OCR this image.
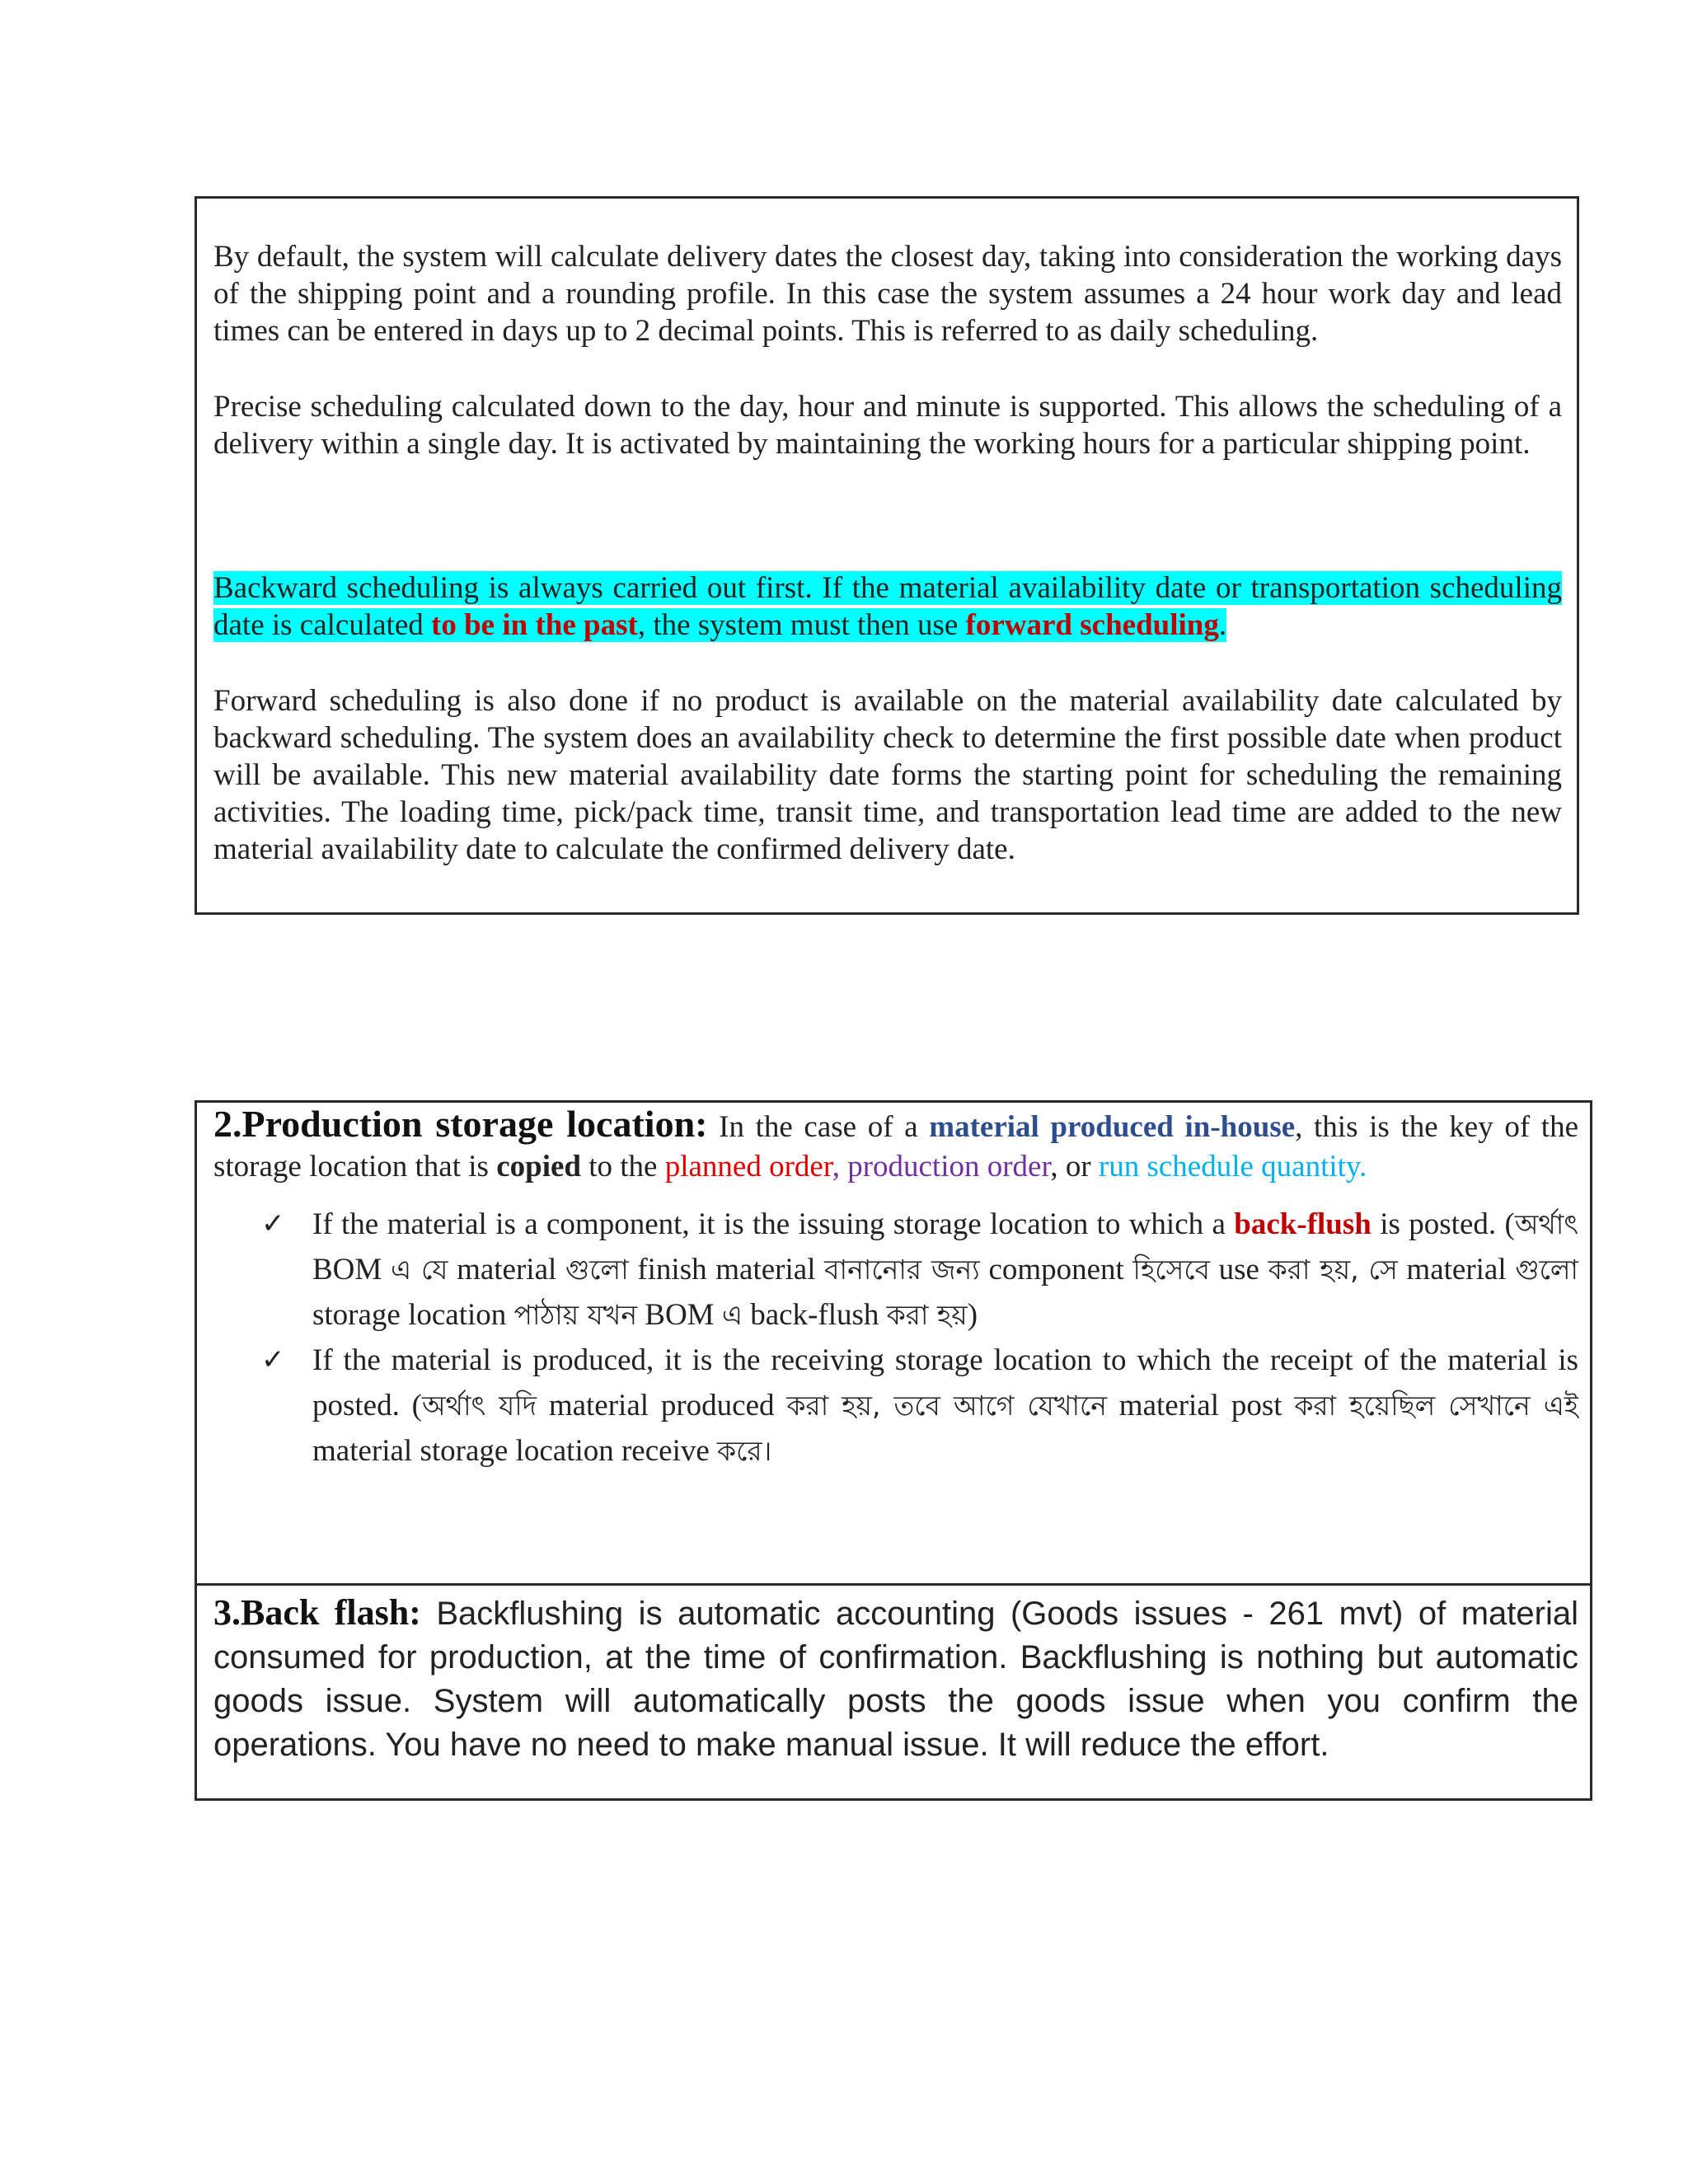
By default, the system will calculate delivery dates the closest day, taking into consideration the working days of the shipping point and a rounding profile. In this case the system assumes a 24 hour work day and lead times can be entered in days up to 2 decimal points. This is referred to as daily scheduling.

Precise scheduling calculated down to the day, hour and minute is supported. This allows the scheduling of a delivery within a single day. It is activated by maintaining the working hours for a particular shipping point.

Backward scheduling is always carried out first. If the material availability date or transportation scheduling date is calculated to be in the past, the system must then use forward scheduling.

Forward scheduling is also done if no product is available on the material availability date calculated by backward scheduling. The system does an availability check to determine the first possible date when product will be available. This new material availability date forms the starting point for scheduling the remaining activities. The loading time, pick/pack time, transit time, and transportation lead time are added to the new material availability date to calculate the confirmed delivery date.

2.Production storage location: In the case of a material produced in-house, this is the key of the storage location that is copied to the planned order, production order, or run schedule quantity.

✓ If the material is a component, it is the issuing storage location to which a back-flush is posted. (অর্থাৎ BOM এ যে material গুলো finish material বানানোর জন্য component হিসেবে use করা হয়, সে material গুলো storage location পাঠায় যখন BOM এ back-flush করা হয়)
✓ If the material is produced, it is the receiving storage location to which the receipt of the material is posted. (অর্থাৎ যদি material produced করা হয়, তবে আগে যেখানে material post করা হয়েছিল সেখানে এই material storage location receive করে।

3.Back flash: Backflushing is automatic accounting (Goods issues - 261 mvt) of material consumed for production, at the time of confirmation. Backflushing is nothing but automatic goods issue. System will automatically posts the goods issue when you confirm the operations. You have no need to make manual issue. It will reduce the effort.
